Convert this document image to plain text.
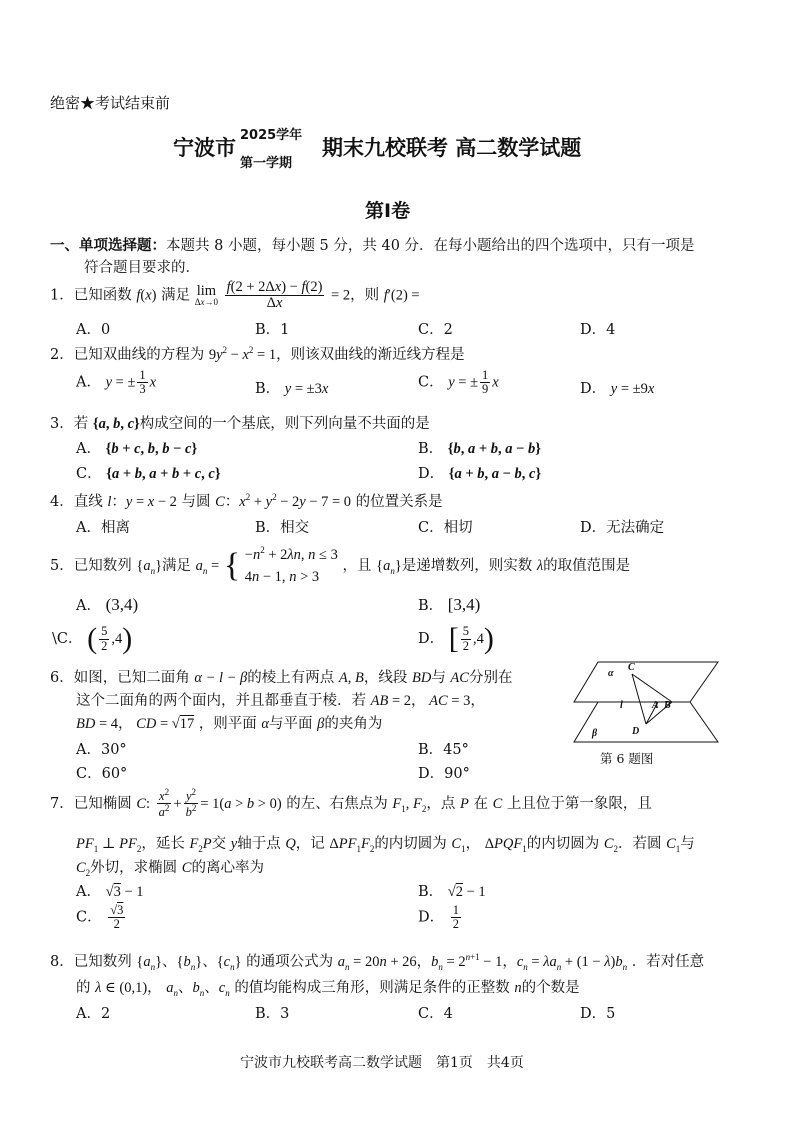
绝密★考试结束前
宁波市
2025学年
第一学期
期末九校联考 高二数学试题
第Ⅰ卷
一、单项选择题：本题共 8 小题，每小题 5 分，共 40 分．在每小题给出的四个选项中，只有一项是
符合题目要求的．
1．已知函数 f(x) 满足 lim
Δx→0
$\frac{f(2 + 2\Delta x) - f(2)}{\Delta x} = 2$，则 f′(2) =
A．0	B．1	C．2	D．4
2．已知双曲线的方程为 $9y^2 - x^2 = 1$，则该双曲线的渐近线方程是
A． y = ± $\frac{1}{3}$ x	B． y = ±3x	C． y = ± $\frac{1}{9}$ x	D． y = ±9x
3．若 {a, b, c}构成空间的一个基底，则下列向量不共面的是
A． {b + c, b, b − c}	B． {b, a + b, a − b}
C． {a + b, a + b + c, c}	D． {a + b, a − b, c}
4．直线 l：y = x − 2 与圆 C：$x^2 + y^2 - 2y - 7 = 0$ 的位置关系是
A．相离	B．相交	C．相切	D．无法确定
5．已知数列 $\{a_n\}$满足 $a_n$ = { $-n^2 + 2\lambda n$, n ≤ 3
4n − 1, n > 3
，且 $\{a_n\}$是递增数列，则实数 λ的取值范围是
A． (3,4)	B． [3,4)
\C． ( $\frac{5}{2} ,4$)	D． [ $\frac{5}{2} ,4$)
6．如图，已知二面角 α − l − β的棱上有两点 A, B，线段 BD与 AC分别在
这个二面角的两个面内，并且都垂直于棱．若 AB = 2， AC = 3，
BD = 4， CD = √17 ，则平面 α与平面 β的夹角为
A．30°	B．45°
C．60°	D．90°
α
C
l	A B
β	D
第 6 题图
7．已知椭圆 C: $\frac{x^2}{a^2} + \frac{y^2}{b^2} = 1(a > b > 0)$ 的左、右焦点为 $F_1$, $F_2$，点 P 在 C 上且位于第一象限，且
$PF_1$ ⊥ $PF_2$，延长 $F_2P$交 y轴于点 Q，记 $\Delta PF_1F_2$的内切圆为 $C_1$， $\Delta PQF_1$的内切圆为 $C_2$．若圆 $C_1$与
$C_2$外切，求椭圆 C的离心率为
A． √3 − 1	B． √2 − 1
C． $\frac{√3}{2}$	D． $\frac{1}{2}$
8．已知数列 $\{a_n\}$、$\{b_n\}$、$\{c_n\}$ 的通项公式为 $a_n = 20n + 26$，$b_n = 2^{n+1} - 1$，$c_n = \lambda a_n + (1 - \lambda)b_n$ ．若对任意
的 λ ∈ (0,1)， $a_n$、$b_n$、$c_n$ 的值均能构成三角形，则满足条件的正整数 n的个数是
A．2	B．3	C．4	D．5
宁波市九校联考高二数学试题　第1页　共4页
